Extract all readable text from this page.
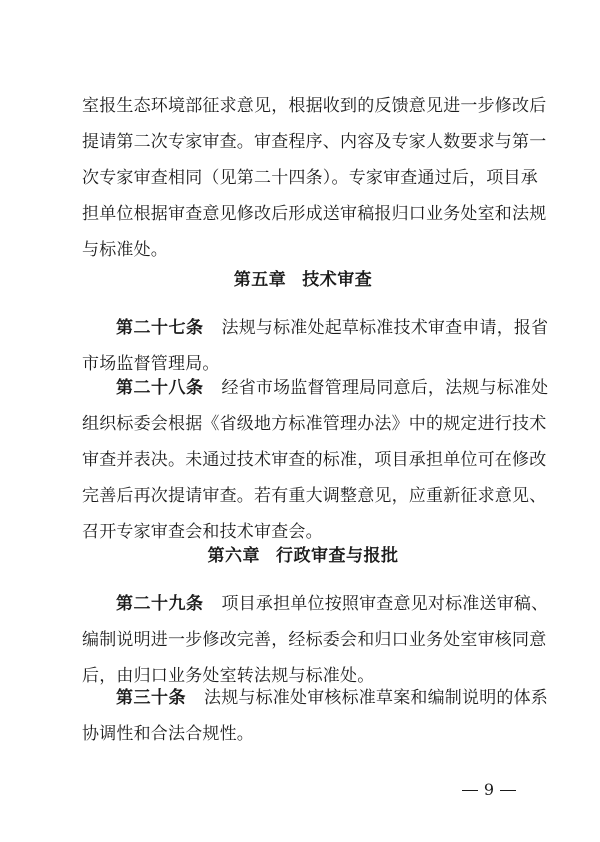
室报生态环境部征求意见，根据收到的反馈意见进一步修改后
提请第二次专家审查。审查程序、内容及专家人数要求与第一
次专家审查相同（见第二十四条）。专家审查通过后，项目承
担单位根据审查意见修改后形成送审稿报归口业务处室和法规
与标准处。
第五章 技术审查
第二十七条 法规与标准处起草标准技术审查申请，报省
市场监督管理局。
第二十八条 经省市场监督管理局同意后，法规与标准处
组织标委会根据《省级地方标准管理办法》中的规定进行技术
审查并表决。未通过技术审查的标准，项目承担单位可在修改
完善后再次提请审查。若有重大调整意见，应重新征求意见、
召开专家审查会和技术审查会。
第六章 行政审查与报批
第二十九条 项目承担单位按照审查意见对标准送审稿、
编制说明进一步修改完善，经标委会和归口业务处室审核同意
后，由归口业务处室转法规与标准处。
第三十条 法规与标准处审核标准草案和编制说明的体系
协调性和合法合规性。
9
